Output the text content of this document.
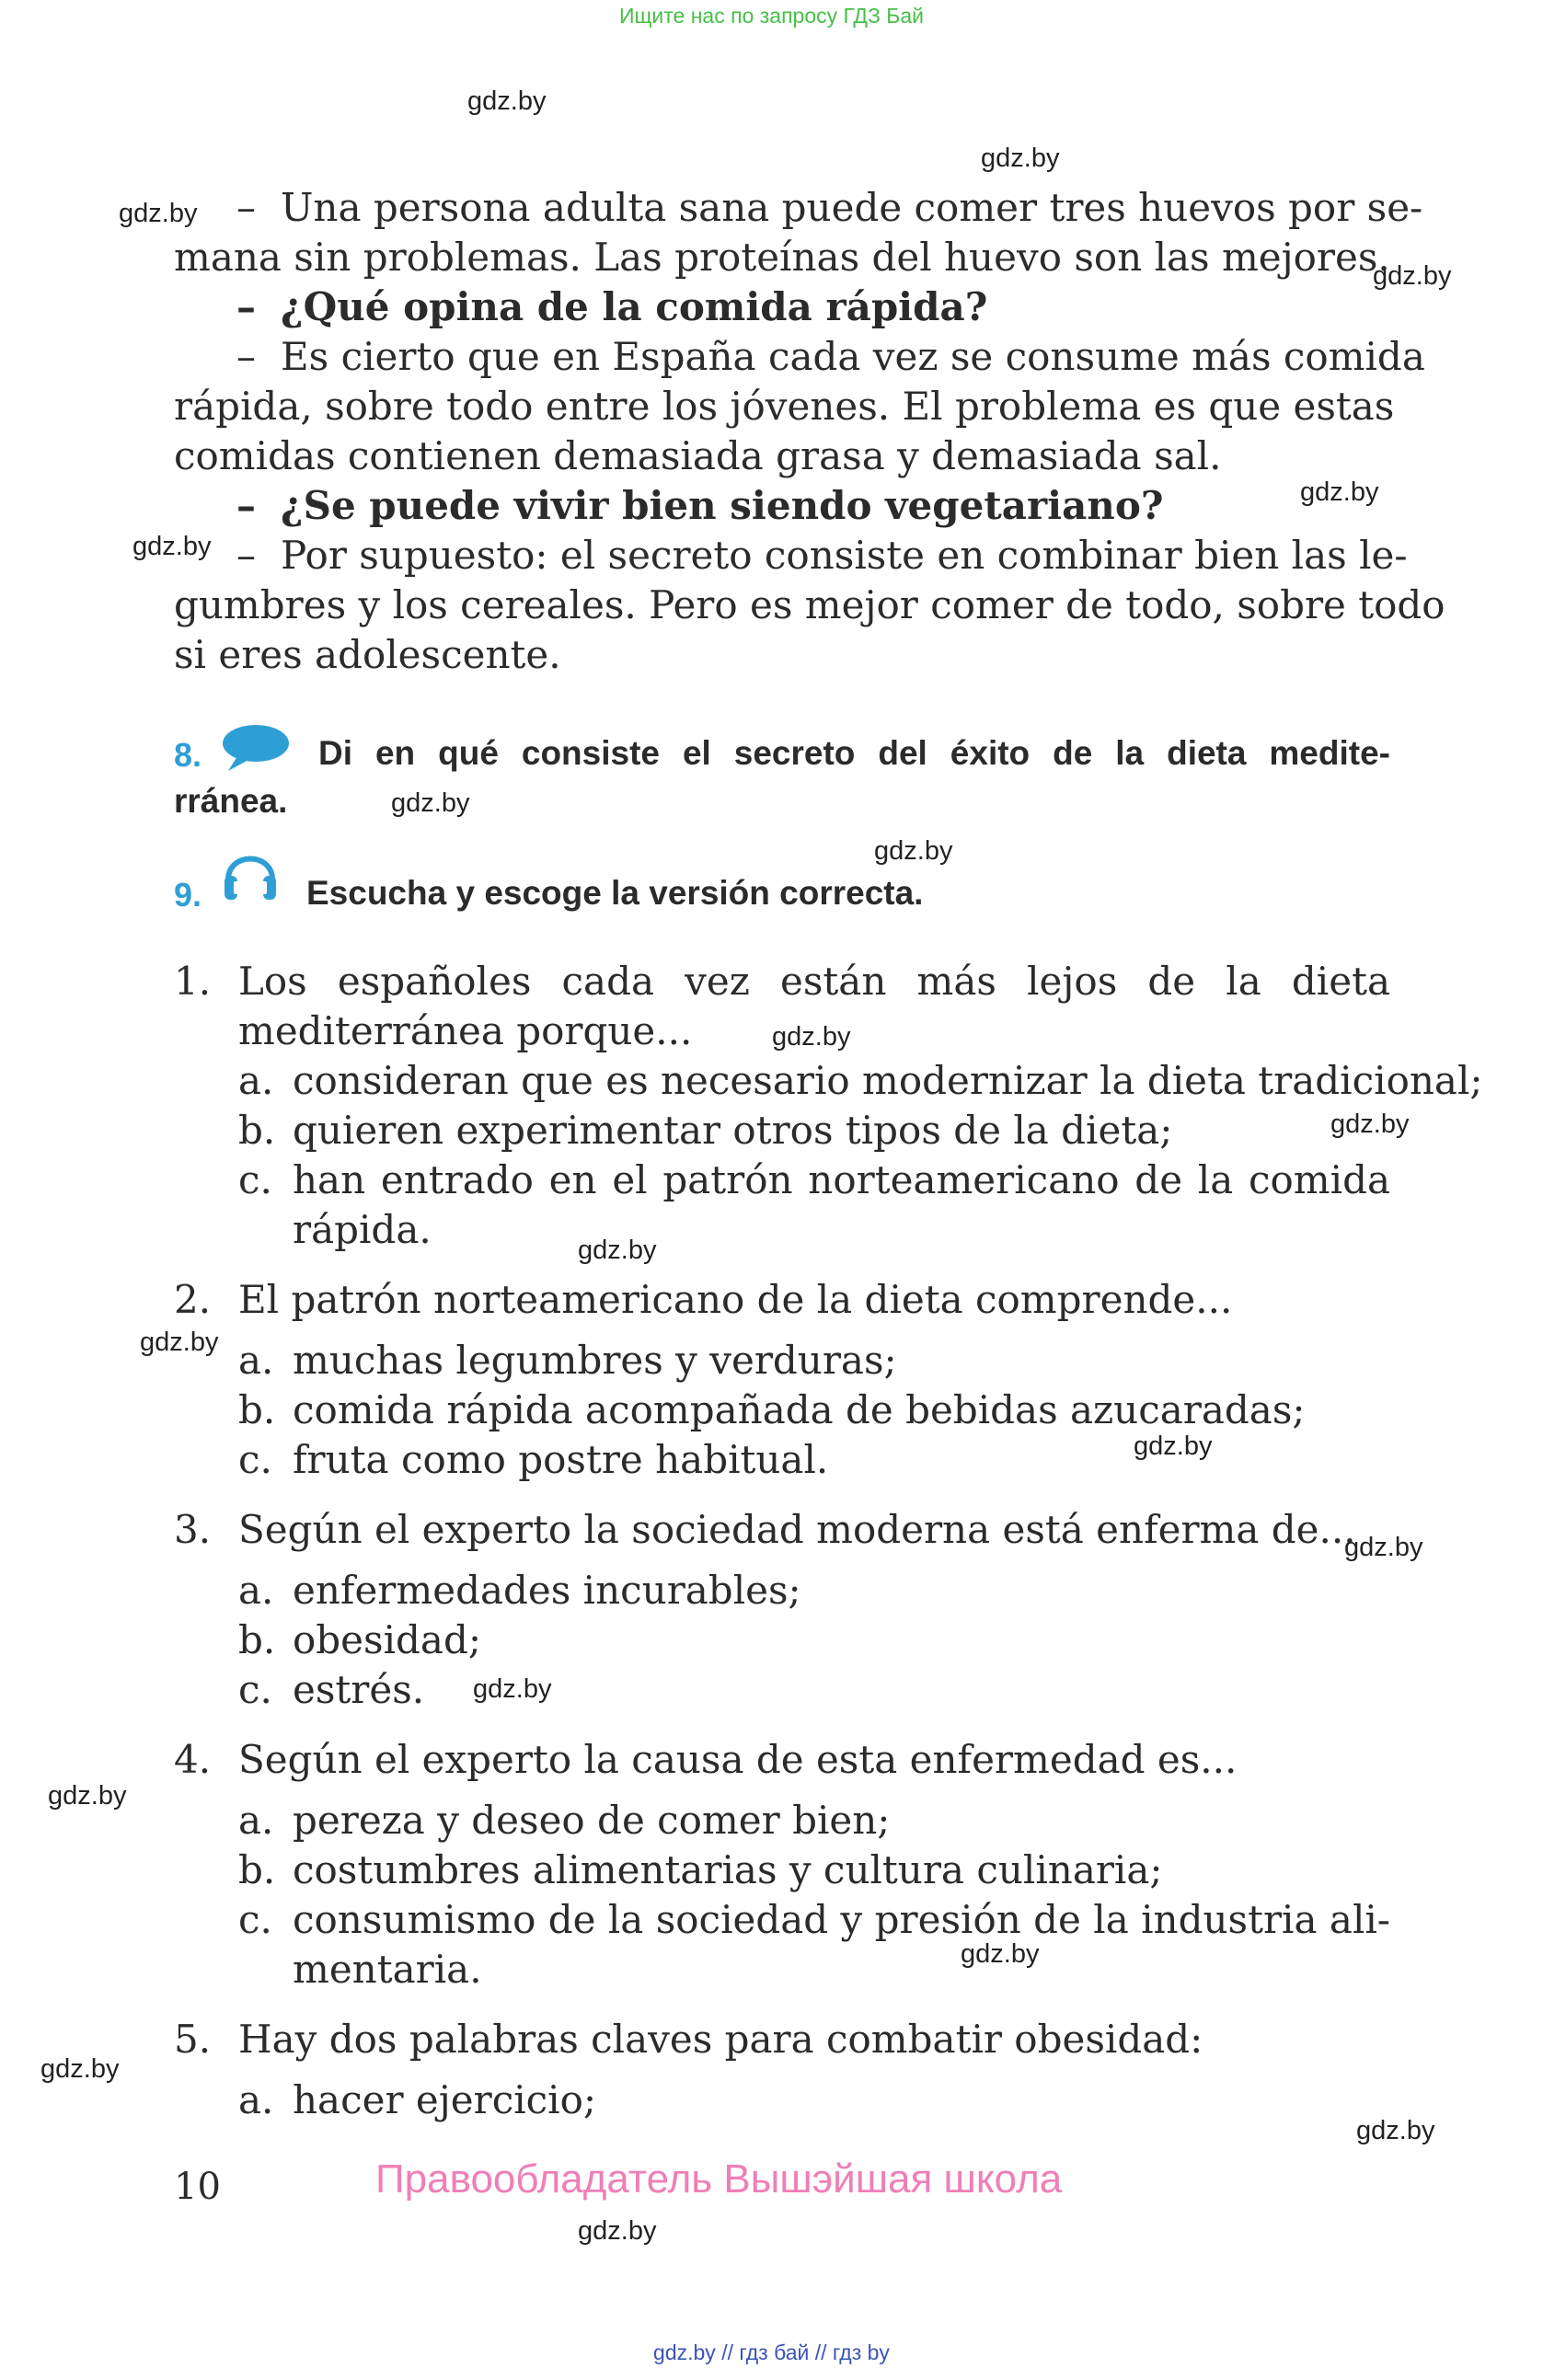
Ищите нас по запросу ГДЗ Бай
gdz.by
gdz.by
gdz.by
gdz.by
gdz.by
gdz.by
gdz.by
gdz.by
gdz.by
gdz.by
gdz.by
gdz.by
gdz.by
gdz.by
gdz.by
gdz.by
gdz.by
gdz.by
gdz.by
gdz.by
– Una persona adulta sana puede comer tres huevos por se-
mana sin problemas. Las proteínas del huevo son las mejores.
– ¿Qué opina de la comida rápida?
– Es cierto que en España cada vez se consume más comida
rápida, sobre todo entre los jóvenes. El problema es que estas
comidas contienen demasiada grasa y demasiada sal.
– ¿Se puede vivir bien siendo vegetariano?
– Por supuesto: el secreto consiste en combinar bien las le-
gumbres y los cereales. Pero es mejor comer de todo, sobre todo
si eres adolescente.
8.	Di en qué consiste el secreto del éxito de la dieta medite-
rránea.
9.	Escucha y escoge la versión correcta.
1. Los españoles cada vez están más lejos de la dieta
mediterránea porque...
a. consideran que es necesario modernizar la dieta tradicional;
b. quieren experimentar otros tipos de la dieta;
c. han entrado en el patrón norteamericano de la comida
rápida.
2. El patrón norteamericano de la dieta comprende...
a. muchas legumbres y verduras;
b. comida rápida acompañada de bebidas azucaradas;
c. fruta como postre habitual.
3. Según el experto la sociedad moderna está enferma de...
a. enfermedades incurables;
b. obesidad;
c. estrés.
4. Según el experto la causa de esta enfermedad es...
a. pereza y deseo de comer bien;
b. costumbres alimentarias y cultura culinaria;
c. consumismo de la sociedad y presión de la industria ali-
mentaria.
5. Hay dos palabras claves para combatir obesidad:
a. hacer ejercicio;
10	Правообладатель Вышэйшая школа
gdz.by // гдз бай // гдз by
